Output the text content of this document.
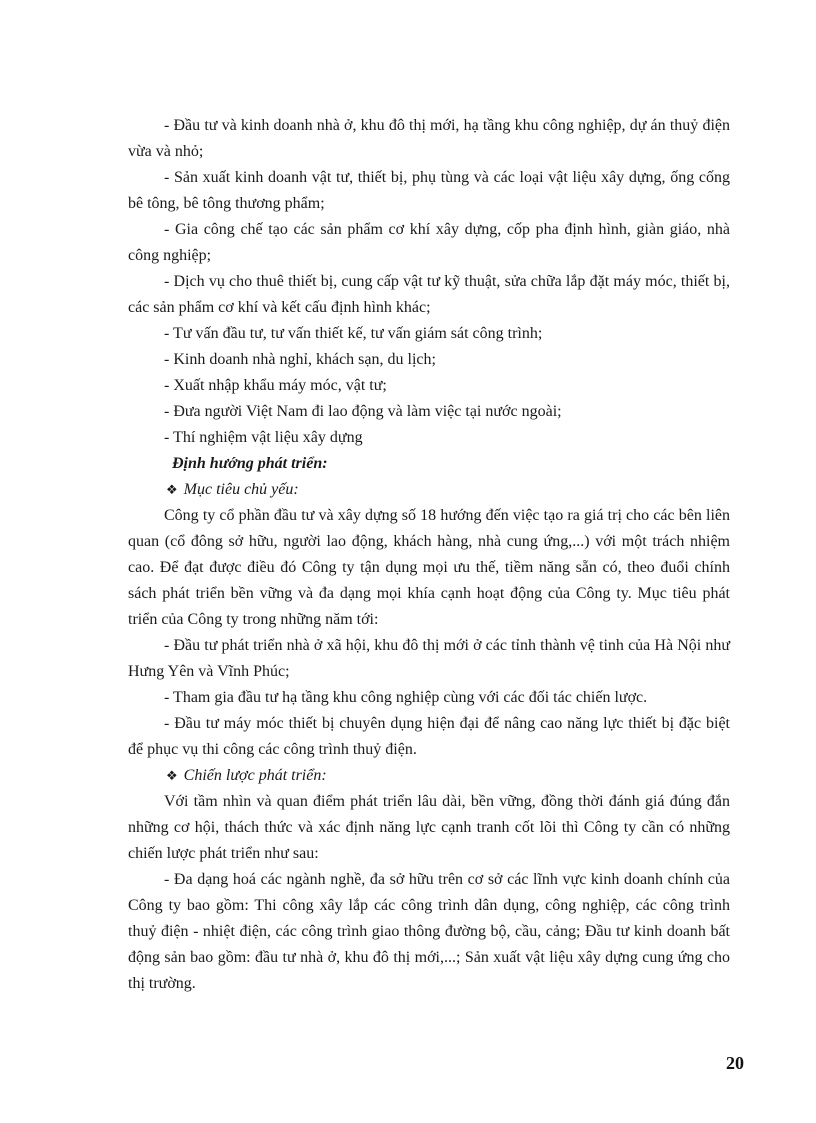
- Đầu tư và kinh doanh nhà ở, khu đô thị mới, hạ tầng khu công nghiệp, dự án thuỷ điện vừa và nhỏ;

- Sản xuất kinh doanh vật tư, thiết bị, phụ tùng và các loại vật liệu xây dựng, ống cống bê tông, bê tông thương phẩm;

- Gia công chế tạo các sản phẩm cơ khí xây dựng, cốp pha định hình, giàn giáo, nhà công nghiệp;

- Dịch vụ cho thuê thiết bị, cung cấp vật tư kỹ thuật, sửa chữa lắp đặt máy móc, thiết bị, các sản phẩm cơ khí và kết cấu định hình khác;

- Tư vấn đầu tư, tư vấn thiết kế, tư vấn giám sát công trình;

- Kinh doanh nhà nghỉ, khách sạn, du lịch;

- Xuất nhập khẩu máy móc, vật tư;

- Đưa người Việt Nam đi lao động và làm việc tại nước ngoài;

- Thí nghiệm vật liệu xây dựng

Định hướng phát triển:

❖ Mục tiêu chủ yếu:

Công ty cổ phần đầu tư và xây dựng số 18 hướng đến việc tạo ra giá trị cho các bên liên quan (cổ đông sở hữu, người lao động, khách hàng, nhà cung ứng,...) với một trách nhiệm cao. Để đạt được điều đó Công ty tận dụng mọi ưu thế, tiềm năng sẵn có, theo đuổi chính sách phát triển bền vững và đa dạng mọi khía cạnh hoạt động của Công ty. Mục tiêu phát triển của Công ty trong những năm tới:

- Đầu tư phát triển nhà ở xã hội, khu đô thị mới ở các tỉnh thành vệ tinh của Hà Nội như Hưng Yên và Vĩnh Phúc;

- Tham gia đầu tư hạ tầng khu công nghiệp cùng với các đối tác chiến lược.

- Đầu tư máy móc thiết bị chuyên dụng hiện đại để nâng cao năng lực thiết bị đặc biệt để phục vụ thi công các công trình thuỷ điện.

❖ Chiến lược phát triển:

Với tầm nhìn và quan điểm phát triển lâu dài, bền vững, đồng thời đánh giá đúng đắn những cơ hội, thách thức và xác định năng lực cạnh tranh cốt lõi thì Công ty cần có những chiến lược phát triển như sau:

- Đa dạng hoá các ngành nghề, đa sở hữu trên cơ sở các lĩnh vực kinh doanh chính của Công ty bao gồm: Thi công xây lắp các công trình dân dụng, công nghiệp, các công trình thuỷ điện - nhiệt điện, các công trình giao thông đường bộ, cầu, cảng; Đầu tư kinh doanh bất động sản bao gồm: đầu tư nhà ở, khu đô thị mới,...; Sản xuất vật liệu xây dựng cung ứng cho thị trường.

20
